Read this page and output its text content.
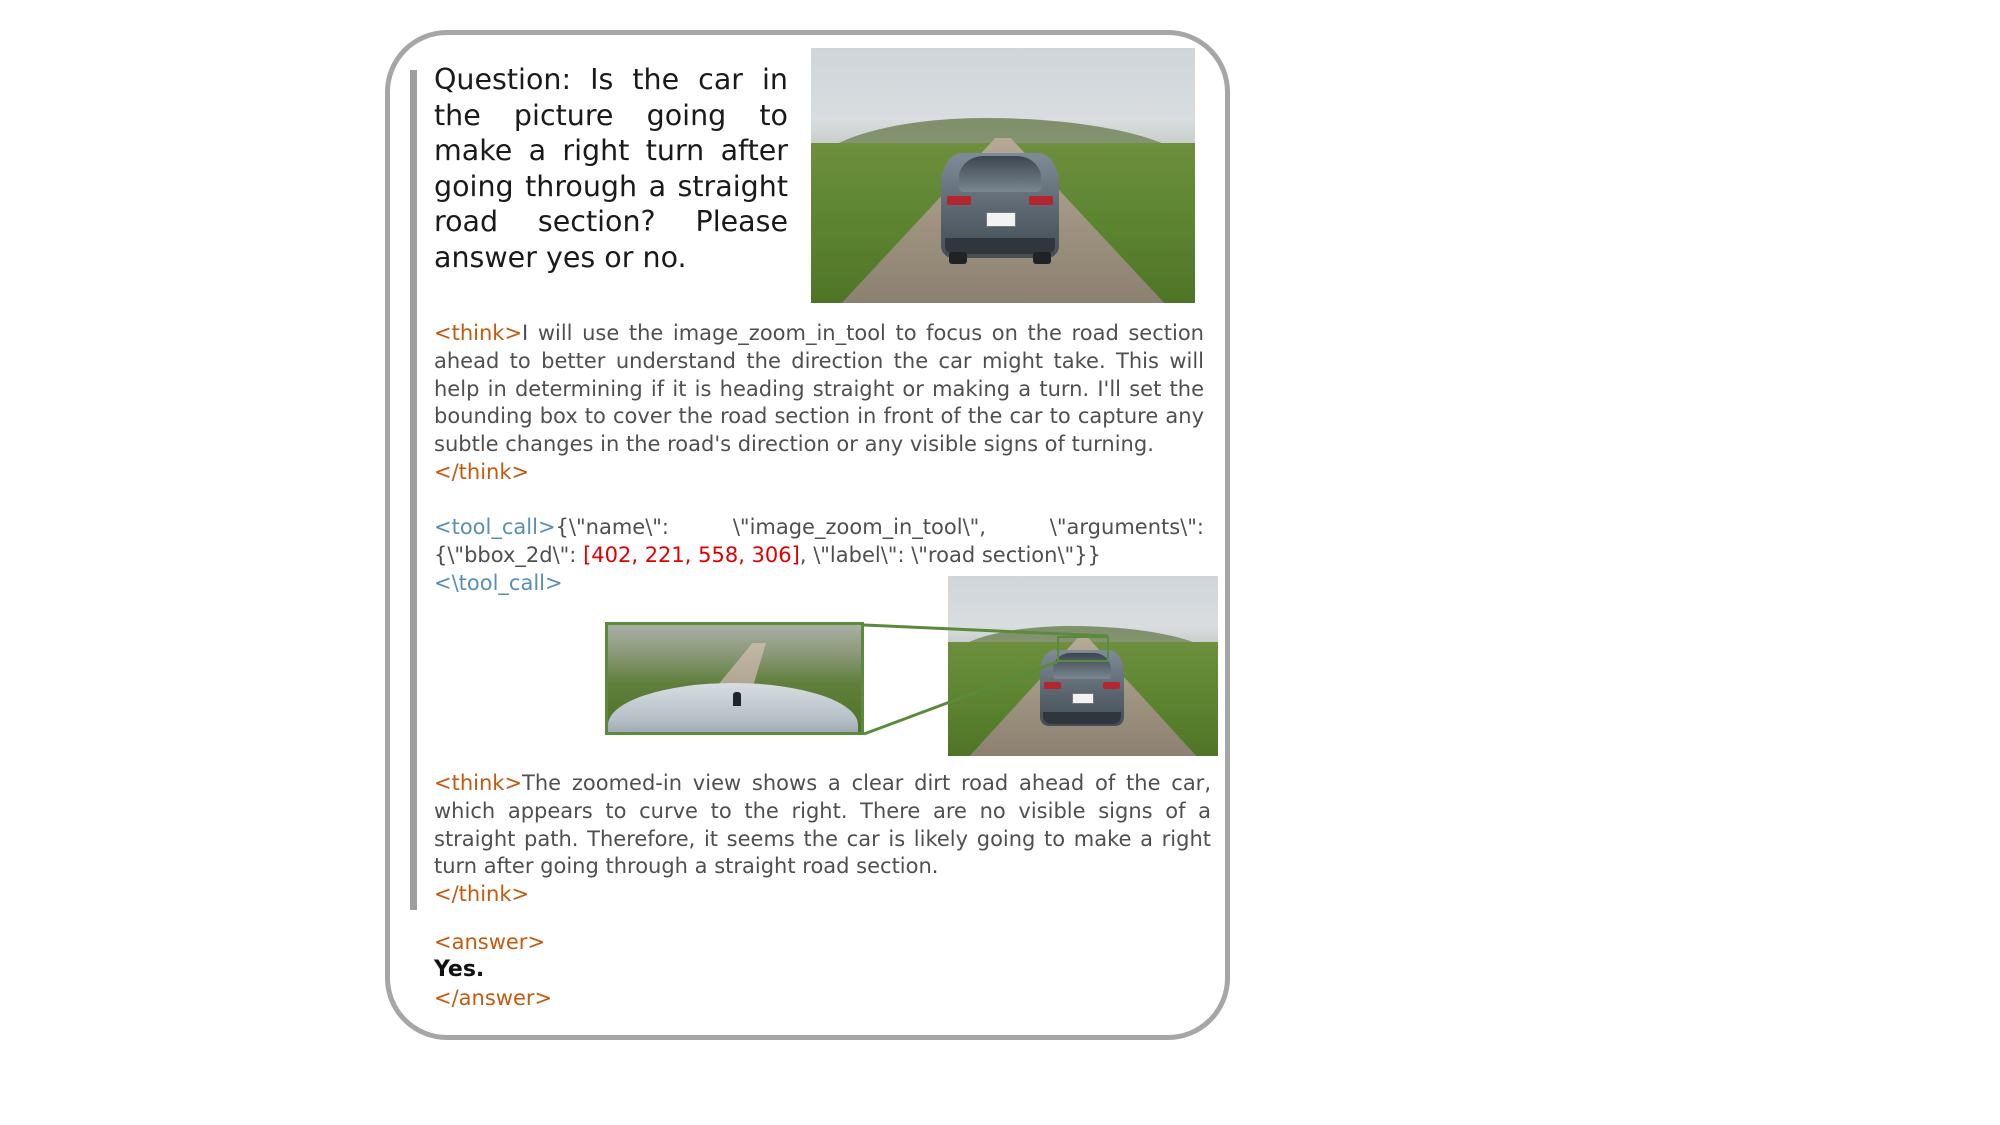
Question: Is the car in the picture going to make a right turn after going through a straight road section? Please answer yes or no.

<think>I will use the image_zoom_in_tool to focus on the road section ahead to better understand the direction the car might take. This will help in determining if it is heading straight or making a turn. I'll set the bounding box to cover the road section in front of the car to capture any subtle changes in the road's direction or any visible signs of turning.
</think>

<tool_call>{\"name\": \"image_zoom_in_tool\", \"arguments\": {\"bbox_2d\": [402, 221, 558, 306], \"label\": \"road section\"}}
<\tool_call>

<think>The zoomed-in view shows a clear dirt road ahead of the car, which appears to curve to the right. There are no visible signs of a straight path. Therefore, it seems the car is likely going to make a right turn after going through a straight road section.
</think>

<answer>
Yes.
</answer>
